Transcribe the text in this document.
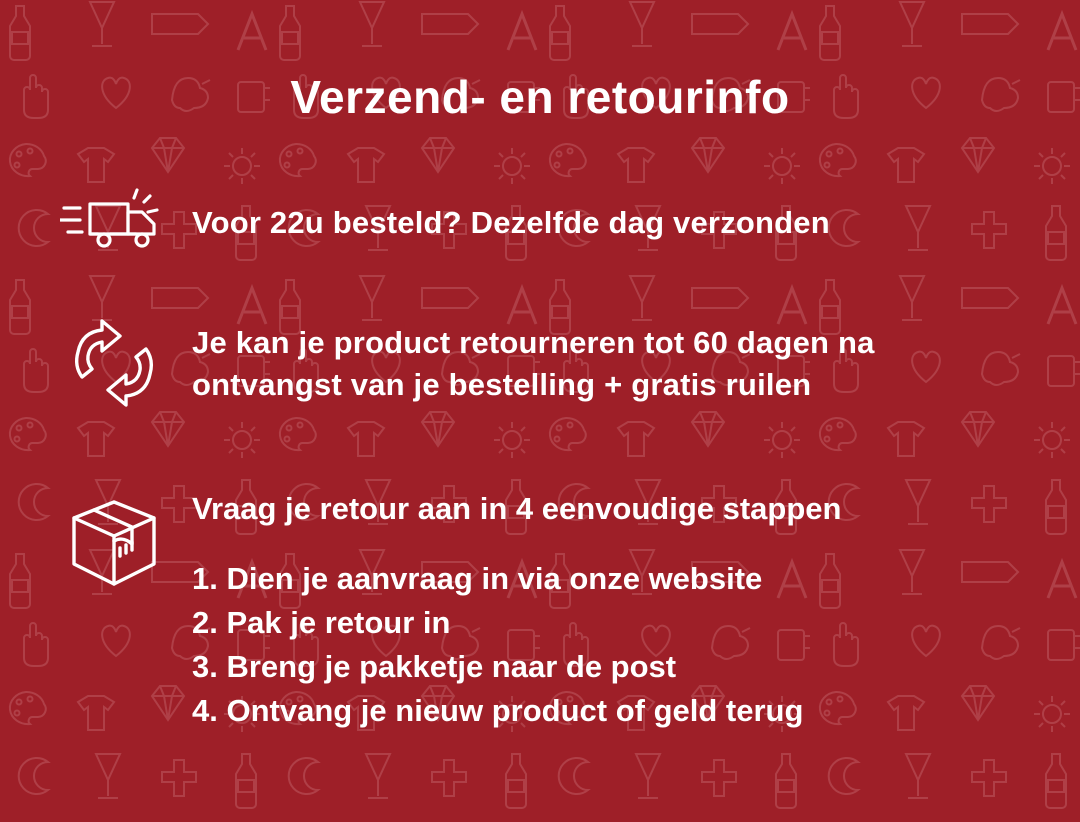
Verzend- en retourinfo
Voor 22u besteld? Dezelfde dag verzonden
Je kan je product retourneren tot 60 dagen na ontvangst van je bestelling + gratis ruilen

Vraag je retour aan in 4 eenvoudige stappen

1. Dien je aanvraag in via onze website
2. Pak je retour in
3. Breng je pakketje naar de post
4. Ontvang je nieuw product of geld terug
